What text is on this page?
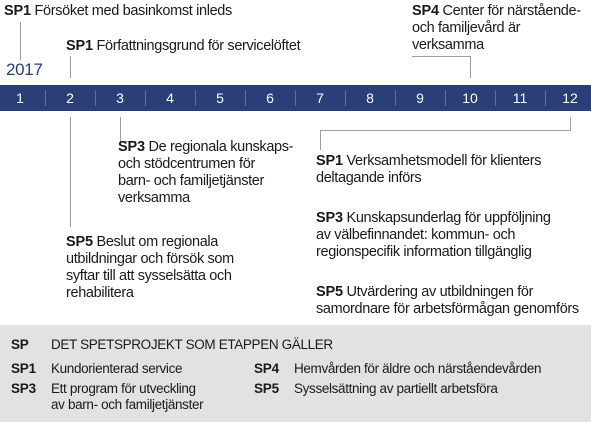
SP1 Försöket med basinkomst inleds
SP1 Författningsgrund för servicelöftet
SP4 Center för närstående-
och familjevård är
verksamma
2017
1	2	3	4	5	6	7	8	9	10 11 12
SP3 De regionala kunskaps-
och stödcentrumen för
barn- och familjetjänster
verksamma
SP5 Beslut om regionala
utbildningar och försök som
syftar till att sysselsätta och
rehabilitera
SP1 Verksamhetsmodell för klienters
deltagande införs
SP3 Kunskapsunderlag för uppföljning
av välbefinnandet: kommun- och
regionspecifik information tillgänglig
SP5 Utvärdering av utbildningen för
samordnare för arbetsförmågan genomförs
SP DET SPETSPROJEKT SOM ETAPPEN GÄLLER
SP1 Kundorienterad service
SP3 Ett program för utveckling
av barn- och familjetjänster
SP4 Hemvården för äldre och närståendevården
SP5 Sysselsättning av partiellt arbetsföra
